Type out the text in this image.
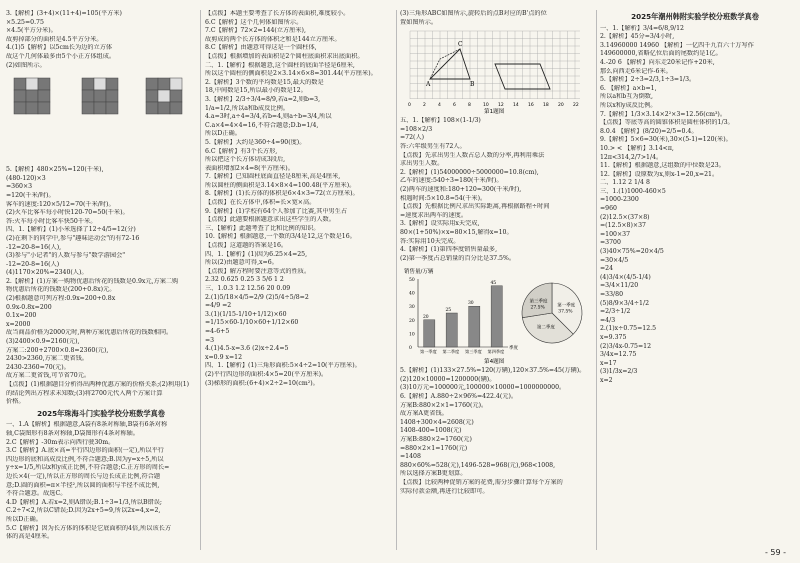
3.【解析】(3+4)×(11+4)=105(平方米)
×5.25=0.75
×4.5(平方分米)。
故剪掉部分的面积是4.5平方分米。
4.(1)5【解析】以5cm长为边的立方体
故这个几何体最多由5个小正方体组成。
(2)如图所示。
5.【解析】480×25%=120(千米),
(480-120)×3
=360×3
=120(千米/时)。
客车的速度:120×5/12=70(千米/时)。
(2)火车比客车每小时快120-70=50(千米)。
答:火车每小时比客车快50千米。
四、1.【解析】(1)小米选择了12÷4/5=12(分)
(2)在剩下的同学中,参与"趣味运动会"的有72-16
-12=20-8=16(人),
(3)参与"小记者"的人数与参与"数学游园会"
-12=20-8=16(人)
(4)1170×20%=2340(人)。
2.【解析】(1)方案一购物优惠后所花的钱数是0.9x元,方案二购
物优惠后所花的钱数是(200+0.8x)元。
(2)根据题意可列方程:0.9x=200+0.8x
0.9x-0.8x=200
0.1x=200
x=2000
故当商品价格为2000元时,两种方案优惠后所花的钱数相同。
(3)2400×0.9=2160(元),
方案二:200+2700×0.8=2360(元),
2430>2360,方案二更省钱。
2430-2360=70(元)。
故方案二更省钱,可节省70元。
【点拨】(1)根据题目分析得出两种优惠方案的价格关系;(2)利用(1)
的结论列出方程求未知数;(3)将2700元代入两个方案计算
价格。
2025年珠海斗门实验学校分班数学真卷
一、1.A【解析】根据题意,A袋有8条对称轴,B袋有6条对称
轴,C袋图形有8条对称轴,D袋图形有4条对称轴。
2.C【解析】-30m表示向西行驶30m。
3.C【解析】A.底×高=平行四边形的面积(一定),所以平行
四边形的底和高成反比例,不符合题意;B.因为y=x÷5,所以
y÷x=1/5,所以x和y成正比例,不符合题意;C.正方形的周长=
边长×4(一定),所以正方形的周长与边长成正比例,符合题
意;D.圆的面积=π×半径²,所以圆的面积与半径不成比例,
不符合题意。故选C。
4.D【解析】A.若x=2,则A错误;B.1÷3=1/3,所以B错误;
C.2÷7<2,所以C错误;D.因为2x+5=9,所以2x=4,x=2,
所以D正确。
5.C【解析】因为长方体的体积是它底面积的4倍,所以该长方
体的高是4厘米。
【点拨】本题主要考查了长方体的表面积,难度较小。
6.C【解析】这个几何体如图所示。
7.C【解析】72×2=144(立方厘米),
故剪成的两个长方体的体积之和是144立方厘米。
8.C【解析】由题意可得这是一个圆柱体,
【点拨】根据增加的表面积是2个圆柱底面积求出底面积。
二、1.【解析】根据题意,这个圆柱的底面半径是6厘米,
所以这个圆柱的侧面积是2×3.14×6×8=301.44(平方厘米)。
2.【解析】3个数的平均数是15,最大的数是
18,中间数是15,所以最小的数是12。
3.【解析】2/3÷3/4=8/9,若a=2,则b=3,
1/a=1/2,所以a和b成反比例。
4.a=3时,a÷4=3/4,若b=4,则a÷b=3/4,所以
C.a×4=4×4=16,不符合题意;D.b=1/4,
所以D正确。
5.【解析】大约是360÷4=90(度)。
6.C【解析】有3个长方形,
所以把这个长方体切成3段后,
表面积增加2×4=8(平方厘米)。
7.【解析】已知圆柱底面直径是8厘米,高是4厘米,
所以圆柱的侧面积是3.14×8×4=100.48(平方厘米)。
8.【解析】(1)长方体的体积是6×4×3=72(立方厘米)。
【点拨】在长方体中,体积=长×宽×高。
9.【解析】(1)学校有64个人参加了比赛,其中男生占
【点拨】此题要根据题意求出这些学生的人数。
三、【解析】此题考查了比和比例的知识。
10.【解析】根据题意,一个数的3/4是12,这个数是16。
【点拨】这道题的答案是16。
四、1.【解析】(1)因为6.25×4=25,
所以(2)由题意可得,x=6。
【点拨】解方程时要注意等式的性质。
2.32 0.625 0.25 3 5/6 1 2
三、1.0.3 1.2 12.56 20 0.09
2.(1)5/18×4/5=2/9 (2)5/4÷5/8=2
=4/9 =2
3.(1)(1/15-1/10+1/12)×60
=1/15×60-1/10×60+1/12×60
=4-6+5
=3
4.(1)4.5-x=3.6 (2)x÷2.4=5
x=0.9 x=12
四、1.【解析】(1)三角形面积:5×4÷2=10(平方厘米)。
(2)平行四边形的面积:4×5=20(平方厘米)。
(3)梯形的面积:(6+4)×2÷2=10(cm²)。
(3)三角形ABC如图所示,旋转后的点B对应的B'点的位
置如图所示。
A	B
C
0	2	4	6	8	10 12 14 16 18 20 22
第1题图
五、1.【解析】108×(1-1/3)
=108×2/3
=72(人)
答:六年级男生有72人。
【点拨】先求出男生人数占总人数的分率,再利用乘法
求出男生人数。
2.【解析】(1)54000000÷5000000=10.8(cm),
乙车的速度:540÷3=180(千米/时)。
(2)两车的速度和:180+120=300(千米/时),
相遇时间:5×10.8=54(千米)。
【点拨】先根据比例尺求出实际距离,再根据路程÷时间
=速度求出两车的速度。
3.【解析】设实际用x天完成,
80×(1+50%)×x=80×15,解得x=10。
答:实际用10天完成。
4.【解析】(1)第四季度销售量最多,
(2)第一季度占总销量的百分比是37.5%。
销售量/万辆
0
10
20
30
40
50
20
第一季度
25
第二季度
30
第三季度
45
第四季度
季度
第一季度
37.5%
第二季度
第三季度
27.5%
第4题图
5.【解析】(1)133×27.5%=120(万辆),120×37.5%=45(万辆)。
(2)120×10000=1200000(辆)。
(3)10万元=100000元,100000×10000=1000000000。
6.【解析】A.880÷2×96%=422.4(元)。
方案B:880×2×1=1760(元)。
故方案A更省钱。
1408+300×4=2608(元)
1408-400=1008(元)
方案B:880×2=1760(元)
=880×2×1=1760(元)
=1408
880×60%=528(元),1496-528=968(元),968<1008,
所以选择方案B更划算。
【点拨】比较两种促销方案的花费,需分步骤计算每个方案的
实际付款金额,再进行比较即可。
2025年潮州韩附实验学校分班数学真卷
一、1.【解析】3/4=6/8,9/12
2.【解析】45分=3/4小时,
3.14960000 14960 【解析】一亿四千九百六十万写作
149600000,省略亿位后面的尾数约是1亿。
4.-20 6 【解析】向东走20米记作+20米,
那么向西走6米记作-6米。
5.【解析】2÷3=2/3,1÷3=1/3。
6. 【解析】a×b=1,
所以a和b互为倒数,
所以x和y成反比例。
7.【解析】1/3×3.14×2²×3=12.56(cm³)。
【点拨】等底等高的圆锥体积是圆柱体积的1/3。
8.0.4 【解析】(8/20)=2/5=0.4。
9.【解析】5×6=30(米),30×(5-1)=120(米)。
10.> < 【解析】3.14<π,
12π<314,2/7>1/4。
11.【解析】根据题意,这组数的中位数是23。
12.【解析】设原数为x,则x-1=20,x=21。
二、1.12 2 1/4 8
三、1.(1)1000-460×5
=1000-2300
=960
(2)12.5×(37×8)
=(12.5×8)×37
=100×37
=3700
(3)40×75%=20×4/5
=30×4/5
=24
(4)3/4×(4/5-1/4)
=3/4×11/20
=33/80
(5)8/9×3/4÷1/2
=2/3÷1/2
=4/3
2.(1)x÷0.75=12.5
x=9.375
(2)3/4x-0.75=12
3/4x=12.75
x=17
(3)1/3x=2/3
x=2
- 59 -
